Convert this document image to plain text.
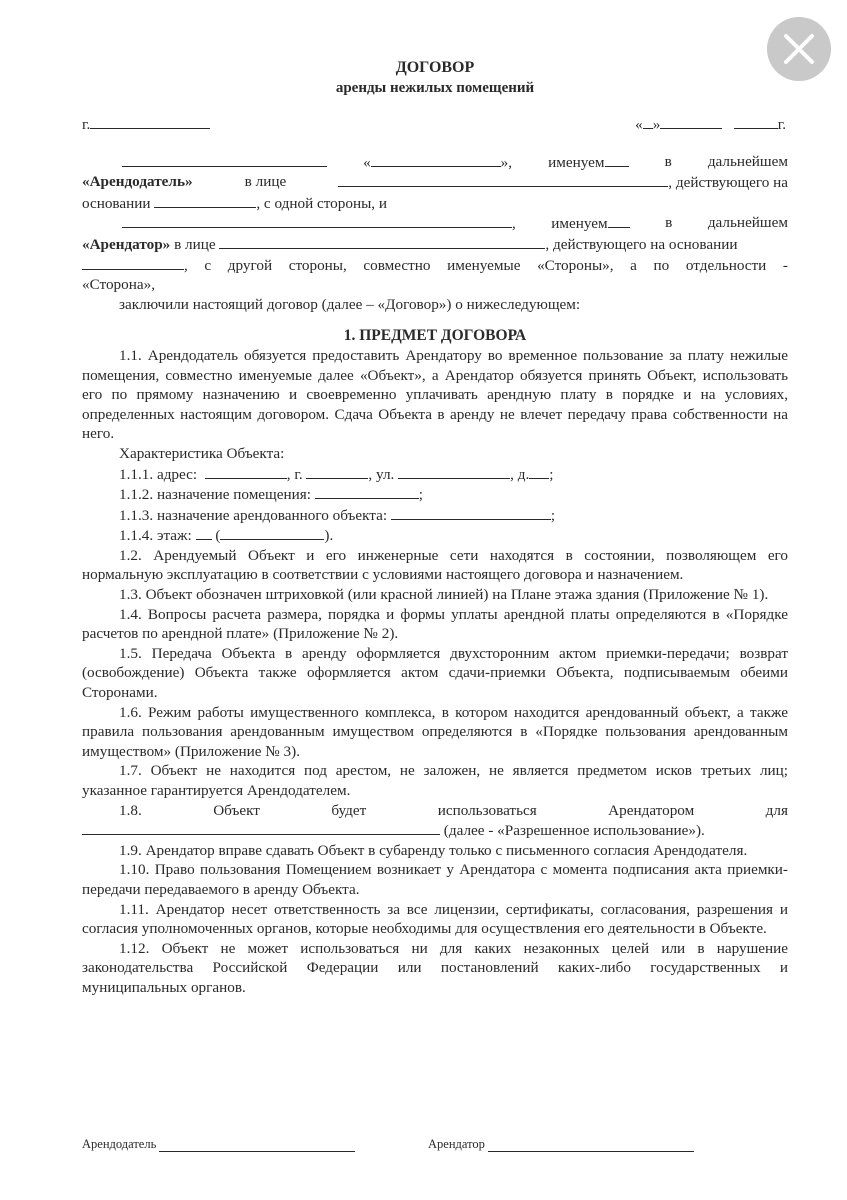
ДОГОВОР
аренды нежилых помещений
г.	« »	г.
«	», именуем	в дальнейшем
«Арендодатель»	в лице	, действующего на
основании	, с одной стороны, и
, именуем	в дальнейшем
«Арендатор» в лице	, действующего на основании
, с другой стороны, совместно именуемые «Стороны», а по отдельности -
«Сторона»,
заключили настоящий договор (далее – «Договор») о нижеследующем:
1. ПРЕДМЕТ ДОГОВОРА
1.1. Арендодатель обязуется предоставить Арендатору во временное пользование за плату нежилые помещения, совместно именуемые далее «Объект», а Арендатор обязуется принять Объект, использовать его по прямому назначению и своевременно уплачивать арендную плату в порядке и на условиях, определенных настоящим договором. Сдача Объекта в аренду не влечет передачу права собственности на него.
Характеристика Объекта:
1.1.1. адрес:	, г.	, ул.	, д. ;
1.1.2. назначение помещения:	;
1.1.3. назначение арендованного объекта:	;
1.1.4. этаж: (	).
1.2. Арендуемый Объект и его инженерные сети находятся в состоянии, позволяющем его нормальную эксплуатацию в соответствии с условиями настоящего договора и назначением.
1.3. Объект обозначен штриховкой (или красной линией) на Плане этажа здания (Приложение № 1).
1.4. Вопросы расчета размера, порядка и формы уплаты арендной платы определяются в «Порядке расчетов по арендной плате» (Приложение № 2).
1.5. Передача Объекта в аренду оформляется двухсторонним актом приемки-передачи; возврат (освобождение) Объекта также оформляется актом сдачи-приемки Объекта, подписываемым обеими Сторонами.
1.6. Режим работы имущественного комплекса, в котором находится арендованный объект, а также правила пользования арендованным имуществом определяются в «Порядке пользования арендованным имуществом» (Приложение № 3).
1.7. Объект не находится под арестом, не заложен, не является предметом исков третьих лиц; указанное гарантируется Арендодателем.
1.8.	Объект	будет	использоваться	Арендатором	для
(далее - «Разрешенное использование»).
1.9. Арендатор вправе сдавать Объект в субаренду только с письменного согласия Арендодателя.
1.10. Право пользования Помещением возникает у Арендатора с момента подписания акта приемки-передачи передаваемого в аренду Объекта.
1.11. Арендатор несет ответственность за все лицензии, сертификаты, согласования, разрешения и согласия уполномоченных органов, которые необходимы для осуществления его деятельности в Объекте.
1.12. Объект не может использоваться ни для каких незаконных целей или в нарушение законодательства Российской Федерации или постановлений каких-либо государственных и муниципальных органов.
Арендодатель
	Арендатор
